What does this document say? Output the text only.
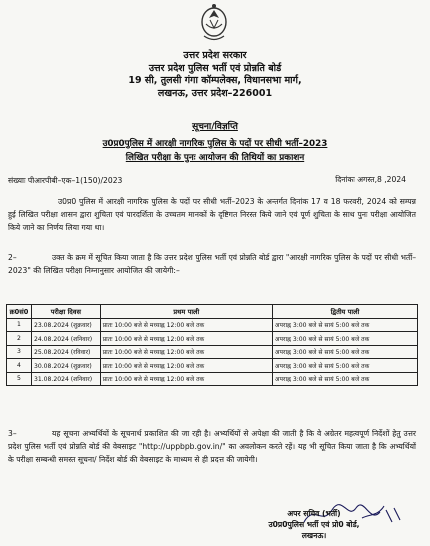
उत्तर प्रदेश सरकार
उत्तर प्रदेश पुलिस भर्ती एवं प्रोन्नति बोर्ड
19 सी, तुलसी गंगा कॉम्पलेक्स, विधानसभा मार्ग,
लखनऊ, उत्तर प्रदेश–226001
सूचना/विज्ञप्ति
उ0प्र0पुलिस में आरक्षी नागरिक पुलिस के पदों पर सीधी भर्ती–2023
लिखित परीक्षा के पुनः आयोजन की तिथियों का प्रकाशन
संख्याः पीआरपीबी–एक–1(150)/2023	दिनांकः अगस्त,8 ,2024
उ0प्र0 पुलिस में आरक्षी नागरिक पुलिस के पदों पर सीधी भर्ती–2023 के अन्तर्गत दिनांक 17 व 18 फरवरी, 2024 को सम्पन्न हुई लिखित परीक्षा शासन द्वारा शुचिता एवं पारदर्शिता के उच्चतम मानकों के दृष्टिगत निरस्त किये जाने एवं पूर्ण शुचिता के साथ पुनः परीक्षा आयोजित किये जाने का निर्णय लिया गया था।
2–	उक्त के क्रम में सूचित किया जाता है कि उत्तर प्रदेश पुलिस भर्ती एवं प्रोन्नति बोर्ड द्वारा "आरक्षी नागरिक पुलिस के पदों पर सीधी भर्ती–2023" की लिखित परीक्षा निम्नानुसार आयोजित की जायेगी:–
क्र0सं0	परीक्षा दिवस	प्रथम पाली	द्वितीय पाली
1	23.08.2024 (शुक्रवार)	प्रातः 10:00 बजे से मध्याह्न 12:00 बजे तक	अपराह्न 3:00 बजे से सायं 5:00 बजे तक
2	24.08.2024 (शनिवार)	प्रातः 10:00 बजे से मध्याह्न 12:00 बजे तक	अपराह्न 3:00 बजे से सायं 5:00 बजे तक
3	25.08.2024 (रविवार)	प्रातः 10:00 बजे से मध्याह्न 12:00 बजे तक	अपराह्न 3:00 बजे से सायं 5:00 बजे तक
4	30.08.2024 (शुक्रवार)	प्रातः 10:00 बजे से मध्याह्न 12:00 बजे तक	अपराह्न 3:00 बजे से सायं 5:00 बजे तक
5	31.08.2024 (शनिवार)	प्रातः 10:00 बजे से मध्याह्न 12:00 बजे तक	अपराह्न 3:00 बजे से सायं 5:00 बजे तक
3–	यह सूचना अभ्यर्थियों के सूचनार्थ प्रकाशित की जा रही है। अभ्यर्थियों से अपेक्षा की जाती है कि वे अग्रेतर महत्वपूर्ण निर्देशों हेतु उत्तर प्रदेश पुलिस भर्ती एवं प्रोन्नति बोर्ड की वेबसाइट "http://uppbpb.gov.in/" का अवलोकन करते रहें। यह भी सूचित किया जाता है कि अभ्यर्थियों के परीक्षा सम्बन्धी समस्त सूचना/ निर्देश बोर्ड की वेबसाइट के माध्यम से ही प्रदत्त की जायेगी।
अपर सचिव (भर्ती)
उ0प्र0पुलिस भर्ती एवं प्रो0 बोर्ड,
लखनऊ।
